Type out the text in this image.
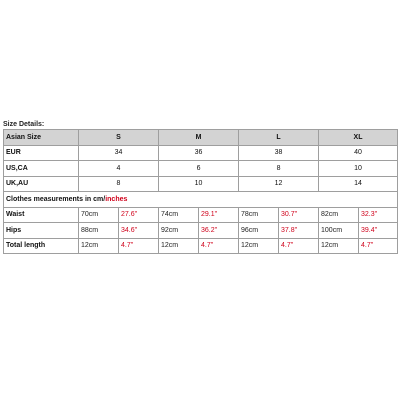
Size Details:
Asian Size	S		M		L		XL	
EUR	34		36		38		40	
US,CA	4		6		8		10	
UK,AU	8		10		12		14	
Clothes measurements in cm/inches								
Waist	70cm	27.6"	74cm	29.1"	78cm	30.7"	82cm	32.3"
Hips	88cm	34.6"	92cm	36.2"	96cm	37.8"	100cm	39.4"
Total length	12cm	4.7"	12cm	4.7"	12cm	4.7"	12cm	4.7"
